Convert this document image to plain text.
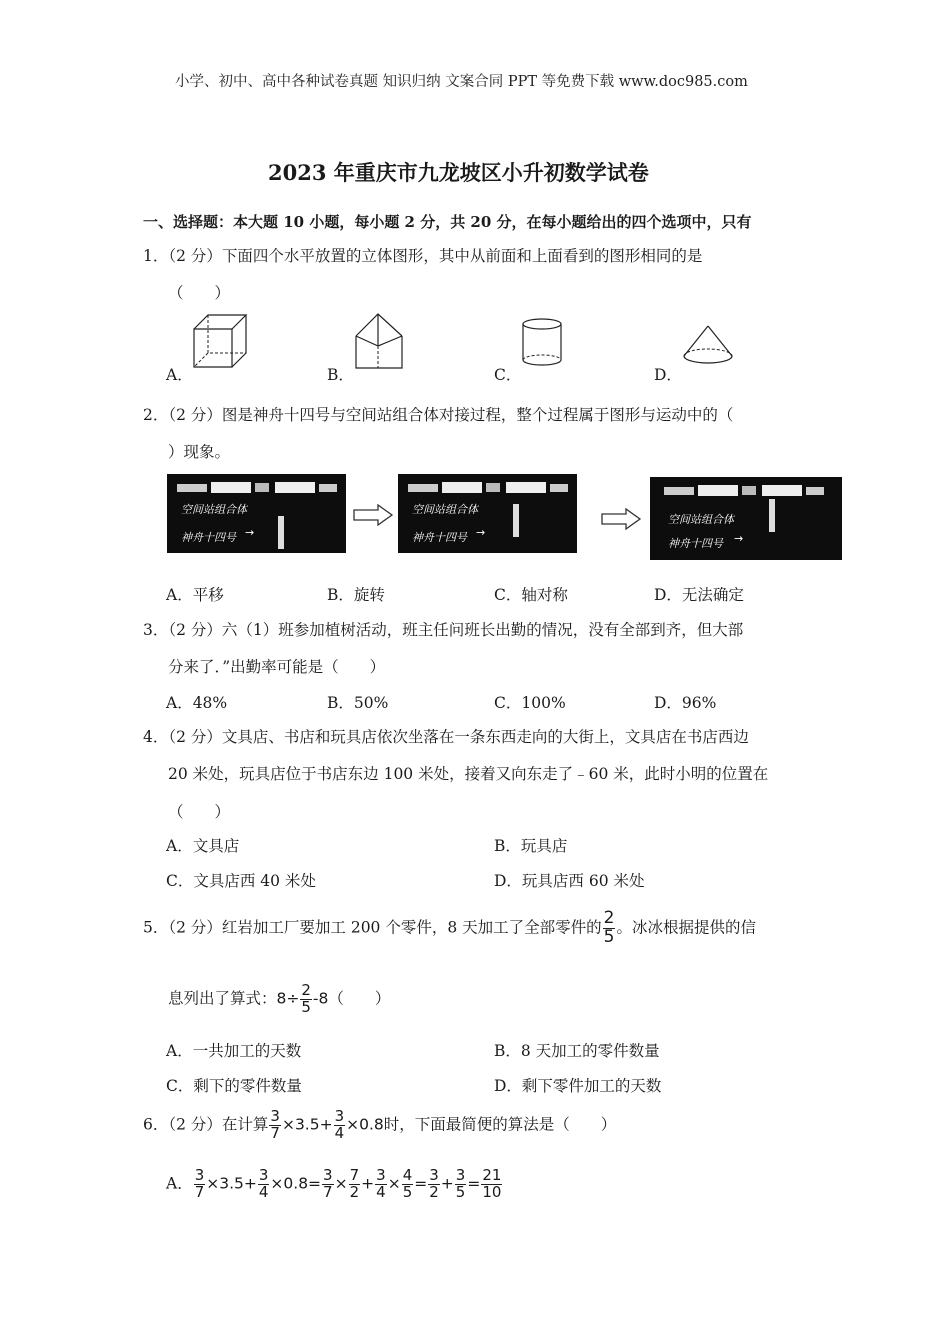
小学、初中、高中各种试卷真题 知识归纳 文案合同 PPT 等免费下载 www.doc985.com
2023 年重庆市九龙坡区小升初数学试卷
一、选择题：本大题 10 小题，每小题 2 分，共 20 分，在每小题给出的四个选项中，只有
1．（2 分）下面四个水平放置的立体图形，其中从前面和上面看到的图形相同的是
（　　）
A．	B．	C．	D．
2．（2 分）图是神舟十四号与空间站组合体对接过程，整个过程属于图形与运动中的（
）现象。
空间站组合体
神舟十四号 →
空间站组合体
神舟十四号 →
空间站组合体
神舟十四号 →
A．平移	B．旋转	C．轴对称	D．无法确定
3．（2 分）六（1）班参加植树活动，班主任问班长出勤的情况，没有全部到齐，但大部
分来了．”出勤率可能是（　　）
A．48%	B．50%	C．100%	D．96%
4．（2 分）文具店、书店和玩具店依次坐落在一条东西走向的大街上，文具店在书店西边
20 米处，玩具店位于书店东边 100 米处，接着又向东走了﹣60 米，此时小明的位置在
（　　）
A．文具店	B．玩具店
C．文具店西 40 米处	D．玩具店西 60 米处
5．（2 分）红岩加工厂要加工 200 个零件，8 天加工了全部零件的 $\frac{2}{5}$ 。冰冰根据提供的信
息列出了算式：$8\div \frac{2}{5} -8$（　　）
A．一共加工的天数	B．8 天加工的零件数量
C．剩下的零件数量	D．剩下零件加工的天数
6．（2 分）在计算 $\frac{3}{7} \times 3.5+ \frac{3}{4} \times 0.8$时，下面最简便的算法是（　　）
A． $\frac{3}{7} \times 3.5+ \frac{3}{4} \times 0.8= \frac{3}{7} \times \frac{7}{2} + \frac{3}{4} \times \frac{4}{5} = \frac{3}{2} + \frac{3}{5} = \frac{21}{10}$
